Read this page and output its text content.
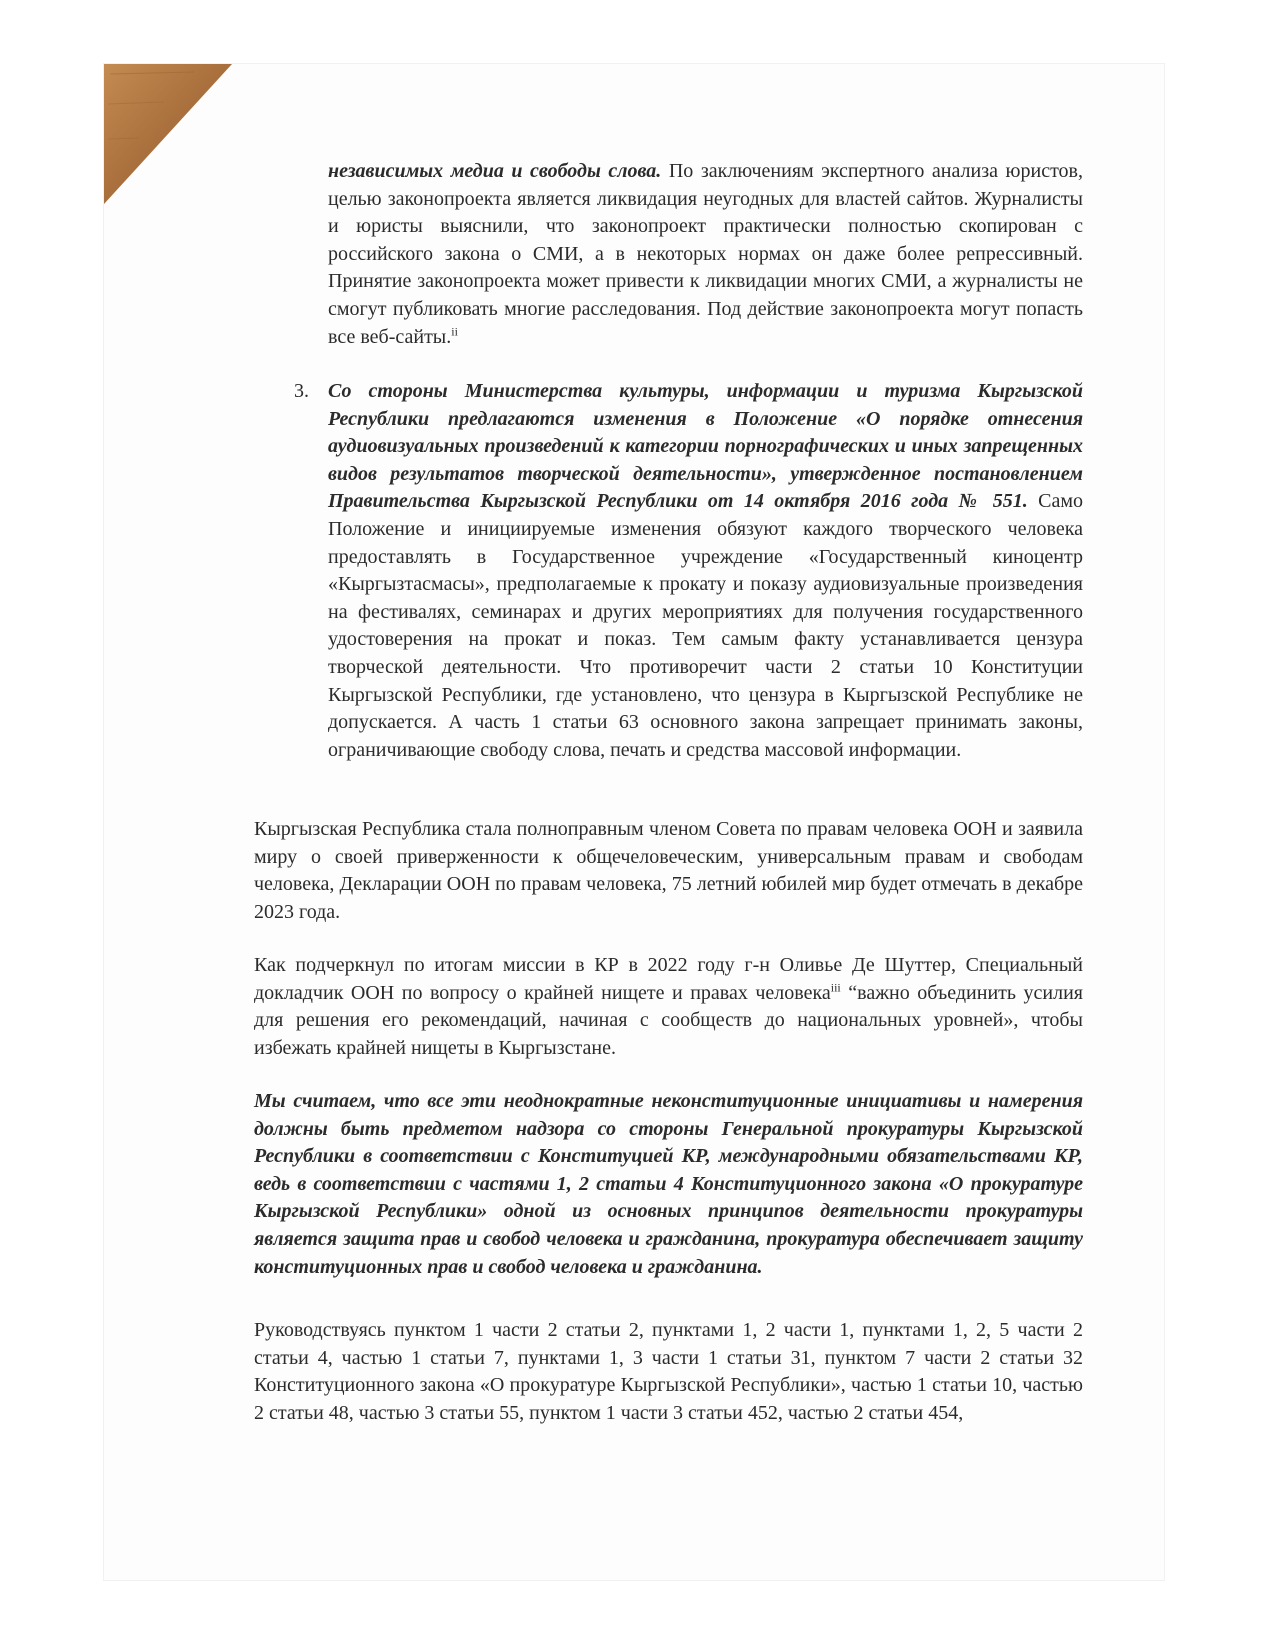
независимых медиа и свободы слова. По заключениям экспертного анализа юристов, целью законопроекта является ликвидация неугодных для властей сайтов. Журналисты и юристы выяснили, что законопроект практически полностью скопирован с российского закона о СМИ, а в некоторых нормах он даже более репрессивный. Принятие законопроекта может привести к ликвидации многих СМИ, а журналисты не смогут публиковать многие расследования. Под действие законопроекта могут попасть все веб-сайты.$^{ii}$

3. Со стороны Министерства культуры, информации и туризма Кыргызской Республики предлагаются изменения в Положение «О порядке отнесения аудиовизуальных произведений к категории порнографических и иных запрещенных видов результатов творческой деятельности», утвержденное постановлением Правительства Кыргызской Республики от 14 октября 2016 года № 551. Само Положение и инициируемые изменения обязуют каждого творческого человека предоставлять в Государственное учреждение «Государственный киноцентр «Кыргызтасмасы», предполагаемые к прокату и показу аудиовизуальные произведения на фестивалях, семинарах и других мероприятиях для получения государственного удостоверения на прокат и показ. Тем самым факту устанавливается цензура творческой деятельности. Что противоречит части 2 статьи 10 Конституции Кыргызской Республики, где установлено, что цензура в Кыргызской Республике не допускается. А часть 1 статьи 63 основного закона запрещает принимать законы, ограничивающие свободу слова, печать и средства массовой информации.

Кыргызская Республика стала полноправным членом Совета по правам человека ООН и заявила миру о своей приверженности к общечеловеческим, универсальным правам и свободам человека, Декларации ООН по правам человека, 75 летний юбилей мир будет отмечать в декабре 2023 года.

Как подчеркнул по итогам миссии в КР в 2022 году г-н Оливье Де Шуттер, Специальный докладчик ООН по вопросу о крайней нищете и правах человека$^{iii}$ “важно объединить усилия для решения его рекомендаций, начиная с сообществ до национальных уровней», чтобы избежать крайней нищеты в Кыргызстане.

Мы считаем, что все эти неоднократные неконституционные инициативы и намерения должны быть предметом надзора со стороны Генеральной прокуратуры Кыргызской Республики в соответствии с Конституцией КР, международными обязательствами КР, ведь в соответствии с частями 1, 2 статьи 4 Конституционного закона «О прокуратуре Кыргызской Республики» одной из основных принципов деятельности прокуратуры является защита прав и свобод человека и гражданина, прокуратура обеспечивает защиту конституционных прав и свобод человека и гражданина.

Руководствуясь пунктом 1 части 2 статьи 2, пунктами 1, 2 части 1, пунктами 1, 2, 5 части 2 статьи 4, частью 1 статьи 7, пунктами 1, 3 части 1 статьи 31, пунктом 7 части 2 статьи 32 Конституционного закона «О прокуратуре Кыргызской Республики», частью 1 статьи 10, частью 2 статьи 48, частью 3 статьи 55, пунктом 1 части 3 статьи 452, частью 2 статьи 454,
